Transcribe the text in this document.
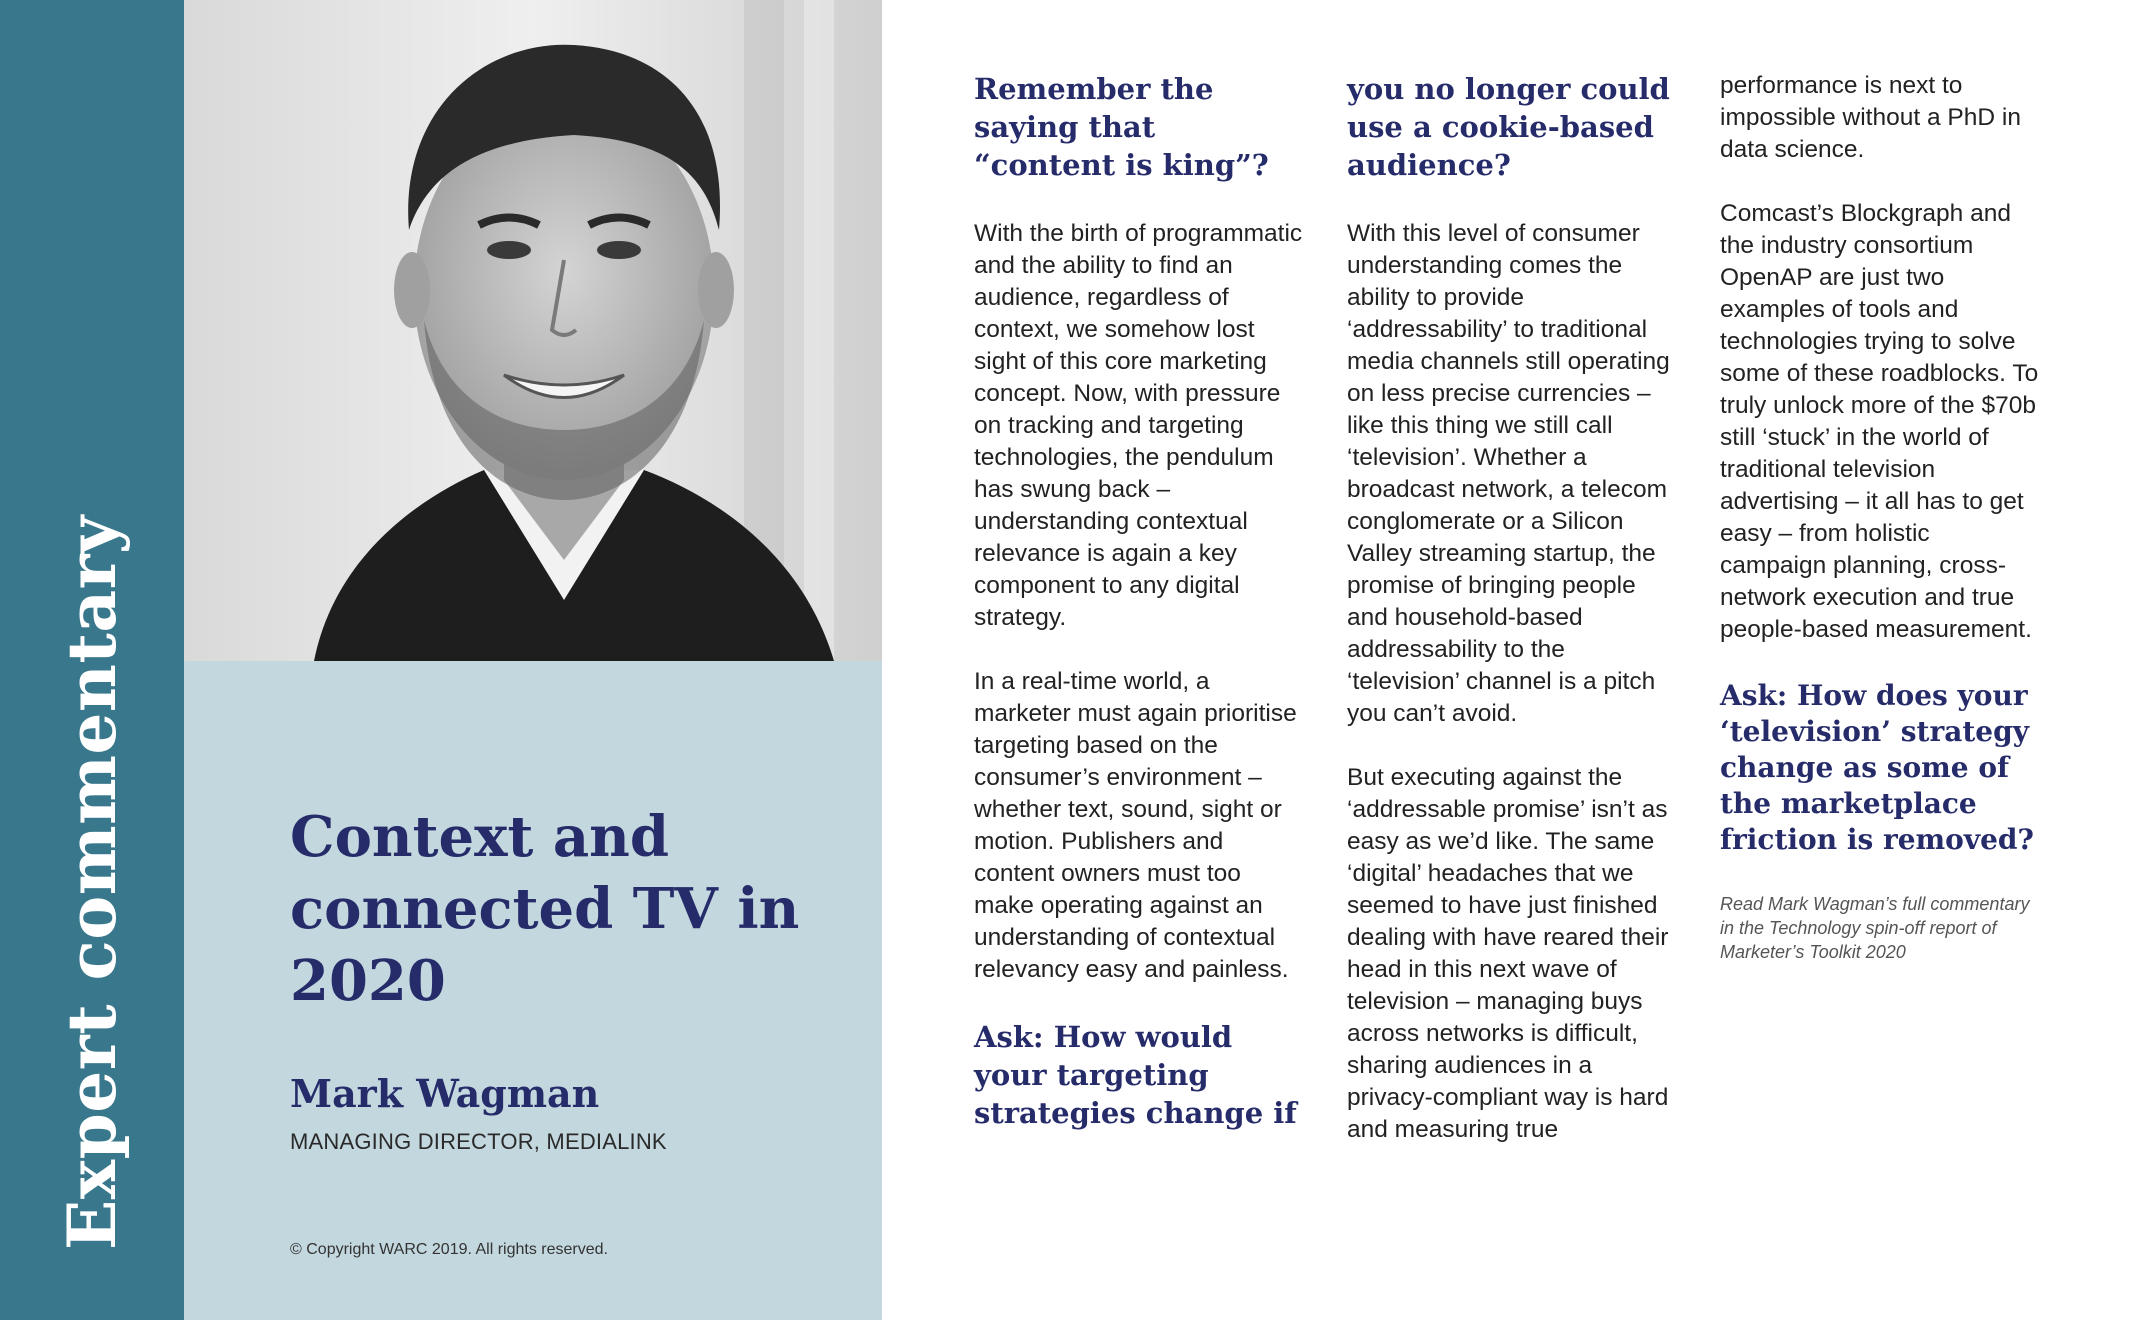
Expert commentary	Context and connected TV in 2020
Mark Wagman

MANAGING DIRECTOR, MEDIALINK

© Copyright WARC 2019. All rights reserved.

Remember the saying that “content is king”?

With the birth of programmatic and the ability to find an audience, regardless of context, we somehow lost sight of this core marketing concept. Now, with pressure on tracking and targeting technologies, the pendulum has swung back – understanding contextual relevance is again a key component to any digital strategy.

In a real-time world, a marketer must again prioritise targeting based on the consumer’s environment – whether text, sound, sight or motion. Publishers and content owners must too make operating against an understanding of contextual relevancy easy and painless.

Ask: How would your targeting strategies change if
you no longer could use a cookie-based audience?

With this level of consumer understanding comes the ability to provide ‘addressability’ to traditional media channels still operating on less precise currencies – like this thing we still call ‘television’. Whether a broadcast network, a telecom conglomerate or a Silicon Valley streaming startup, the promise of bringing people and household-based addressability to the ‘television’ channel is a pitch you can’t avoid.

But executing against the ‘addressable promise’ isn’t as easy as we’d like. The same ‘digital’ headaches that we seemed to have just finished dealing with have reared their head in this next wave of television – managing buys across networks is difficult, sharing audiences in a privacy-compliant way is hard and measuring true

performance is next to impossible without a PhD in data science.

Comcast’s Blockgraph and the industry consortium OpenAP are just two examples of tools and technologies trying to solve some of these roadblocks. To truly unlock more of the $70b still ‘stuck’ in the world of traditional television advertising – it all has to get easy – from holistic campaign planning, cross-network execution and true people-based measurement.

Ask: How does your ‘television’ strategy change as some of the marketplace friction is removed?

Read Mark Wagman’s full commentary in the Technology spin-off report of Marketer’s Toolkit 2020
